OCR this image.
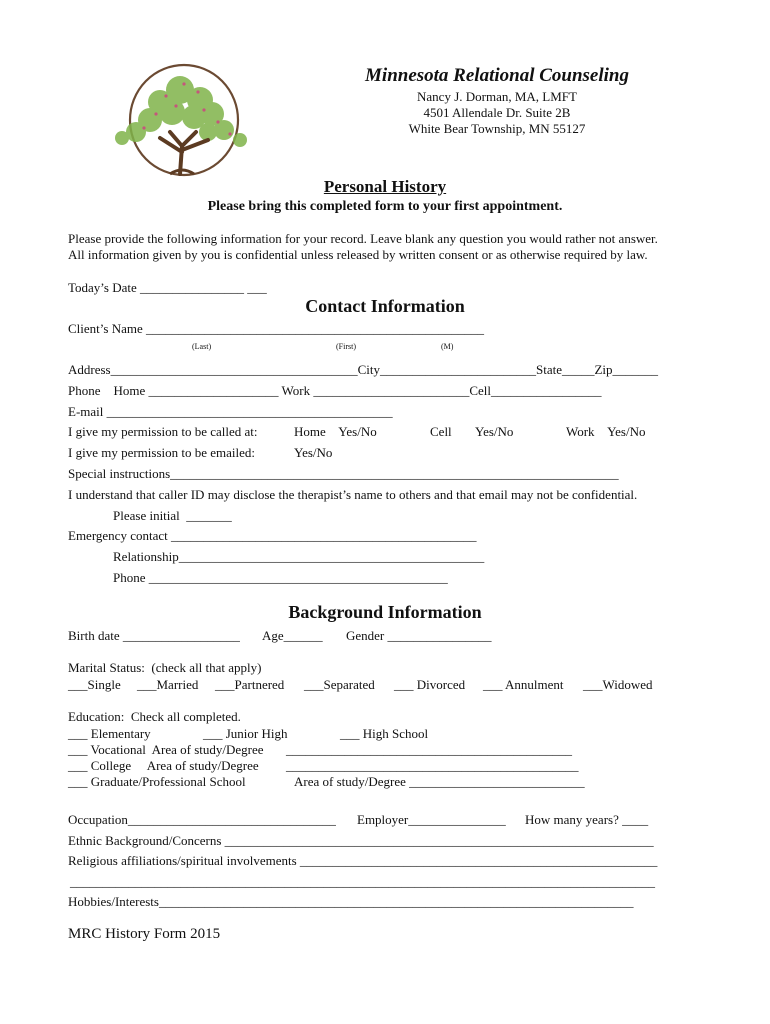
Minnesota Relational Counseling
Nancy J. Dorman, MA, LMFT
4501 Allendale Dr. Suite 2B
White Bear Township, MN 55127
Personal History
Please bring this completed form to your first appointment.
Please provide the following information for your record. Leave blank any question you would rather not answer.
All information given by you is confidential unless released by written consent or as otherwise required by law.
Today’s Date ________________ ___
Contact Information
Client’s Name ____________________________________________________
(Last)	(First)	(M)
Address______________________________________City________________________State_____Zip_______
Phone    Home ____________________ Work ________________________Cell_________________
E-mail ____________________________________________
I give my permission to be called at:	Home    Yes/No	Cell Yes/No	Work    Yes/No
I give my permission to be emailed:	Yes/No
Special instructions_____________________________________________________________________
I understand that caller ID may disclose the therapist’s name to others and that email may not be confidential.
Please initial  _______
Emergency contact _______________________________________________
Relationship_______________________________________________
Phone ______________________________________________
Background Information
Birth date __________________ Age______ Gender ________________
Marital Status:  (check all that apply)
___Single ___Married ___Partnered ___Separated ___ Divorced ___ Annulment ___Widowed
Education:  Check all completed.
___ Elementary	___ Junior High	___ High School
___ Vocational  Area of study/Degree ____________________________________________
___ College     Area of study/Degree _____________________________________________
___ Graduate/Professional School	Area of study/Degree ___________________________
Occupation________________________________ Employer_______________ How many years? ____
Ethnic Background/Concerns __________________________________________________________________
Religious affiliations/spiritual involvements _______________________________________________________
__________________________________________________________________________________________
Hobbies/Interests_________________________________________________________________________
MRC History Form 2015
